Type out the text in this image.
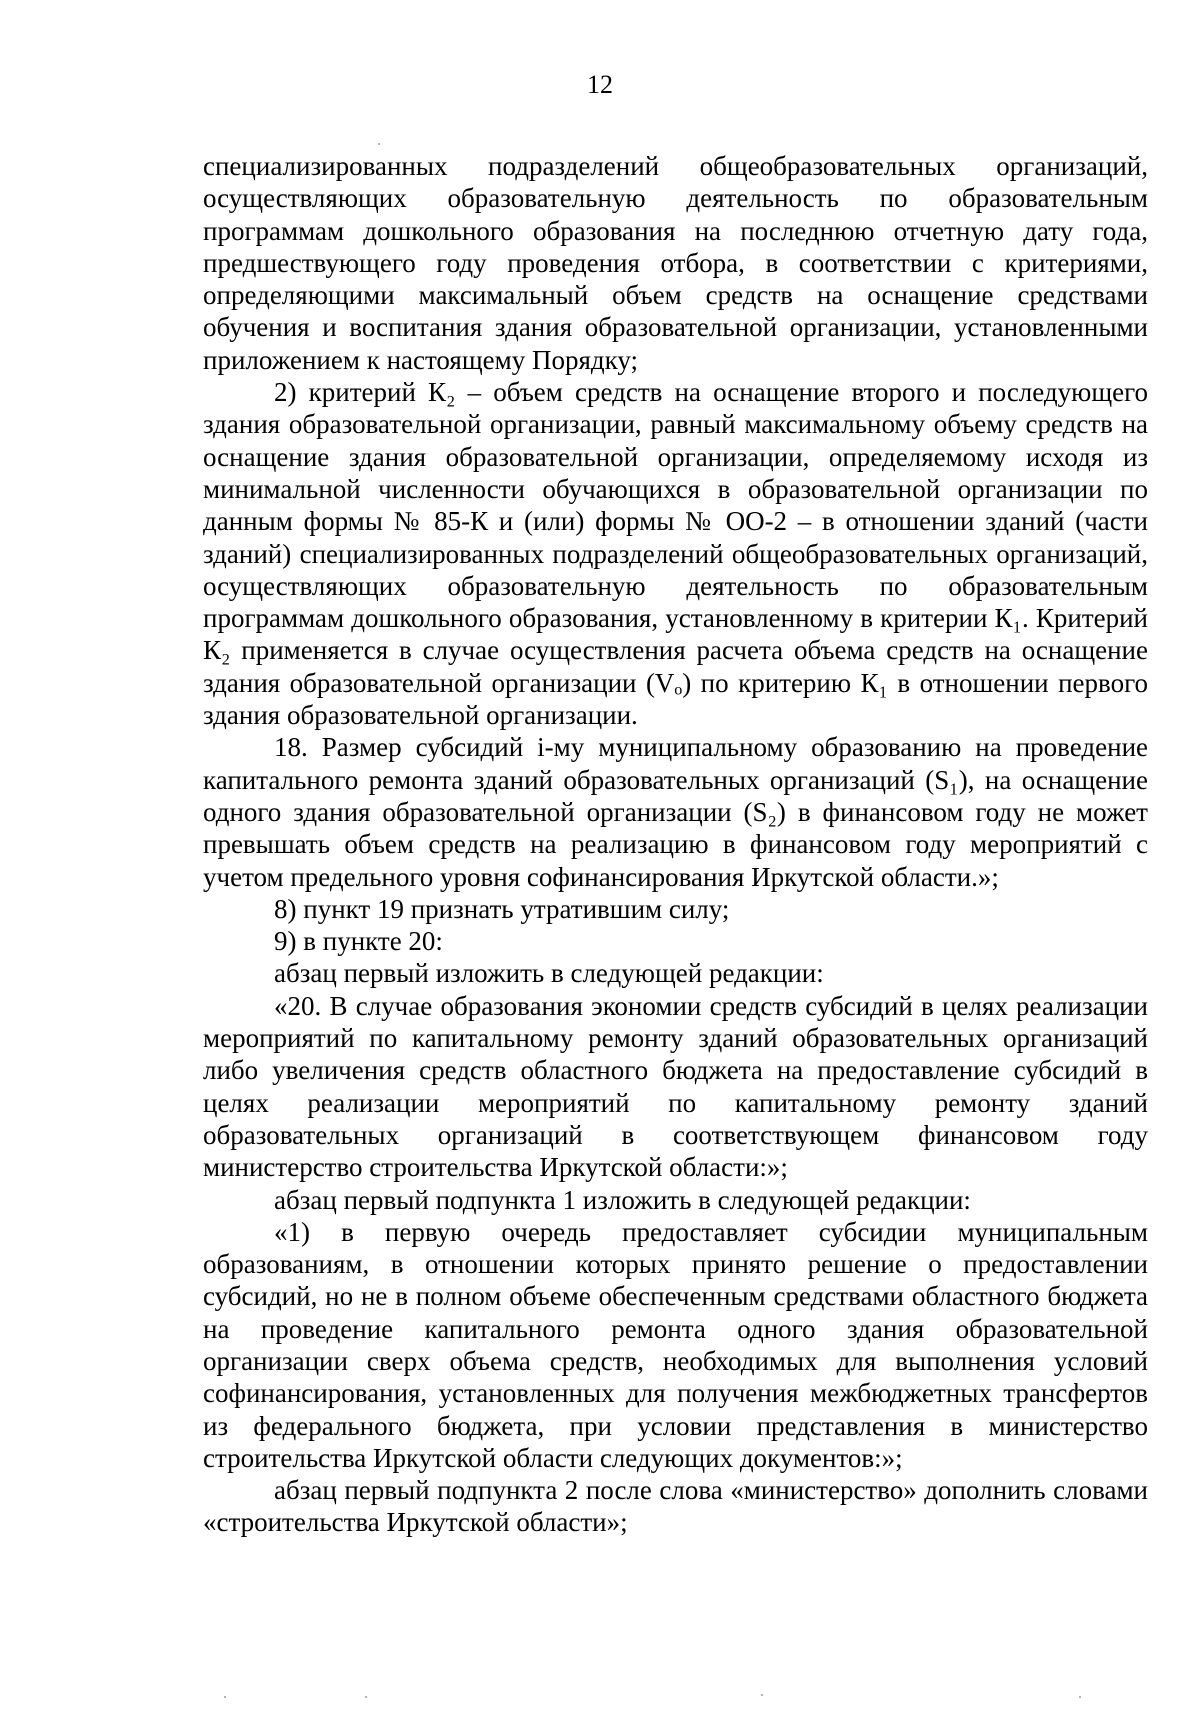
12

специализированных подразделений общеобразовательных организаций, осуществляющих образовательную деятельность по образовательным программам дошкольного образования на последнюю отчетную дату года, предшествующего году проведения отбора, в соответствии с критериями, определяющими максимальный объем средств на оснащение средствами обучения и воспитания здания образовательной организации, установленными приложением к настоящему Порядку;

2) критерий К₂ – объем средств на оснащение второго и последующего здания образовательной организации, равный максимальному объему средств на оснащение здания образовательной организации, определяемому исходя из минимальной численности обучающихся в образовательной организации по данным формы № 85-К и (или) формы № ОО-2 – в отношении зданий (части зданий) специализированных подразделений общеобразовательных организаций, осуществляющих образовательную деятельность по образовательным программам дошкольного образования, установленному в критерии К₁. Критерий К₂ применяется в случае осуществления расчета объема средств на оснащение здания образовательной организации (Vₒ) по критерию К₁ в отношении первого здания образовательной организации.

18. Размер субсидий i-му муниципальному образованию на проведение капитального ремонта зданий образовательных организаций (S₁), на оснащение одного здания образовательной организации (S₂) в финансовом году не может превышать объем средств на реализацию в финансовом году мероприятий с учетом предельного уровня софинансирования Иркутской области.»;

8) пункт 19 признать утратившим силу;

9) в пункте 20:

абзац первый изложить в следующей редакции:

«20. В случае образования экономии средств субсидий в целях реализации мероприятий по капитальному ремонту зданий образовательных организаций либо увеличения средств областного бюджета на предоставление субсидий в целях реализации мероприятий по капитальному ремонту зданий образовательных организаций в соответствующем финансовом году министерство строительства Иркутской области:»;

абзац первый подпункта 1 изложить в следующей редакции:

«1) в первую очередь предоставляет субсидии муниципальным образованиям, в отношении которых принято решение о предоставлении субсидий, но не в полном объеме обеспеченным средствами областного бюджета на проведение капитального ремонта одного здания образовательной организации сверх объема средств, необходимых для выполнения условий софинансирования, установленных для получения межбюджетных трансфертов из федерального бюджета, при условии представления в министерство строительства Иркутской области следующих документов:»;

абзац первый подпункта 2 после слова «министерство» дополнить словами «строительства Иркутской области»;
